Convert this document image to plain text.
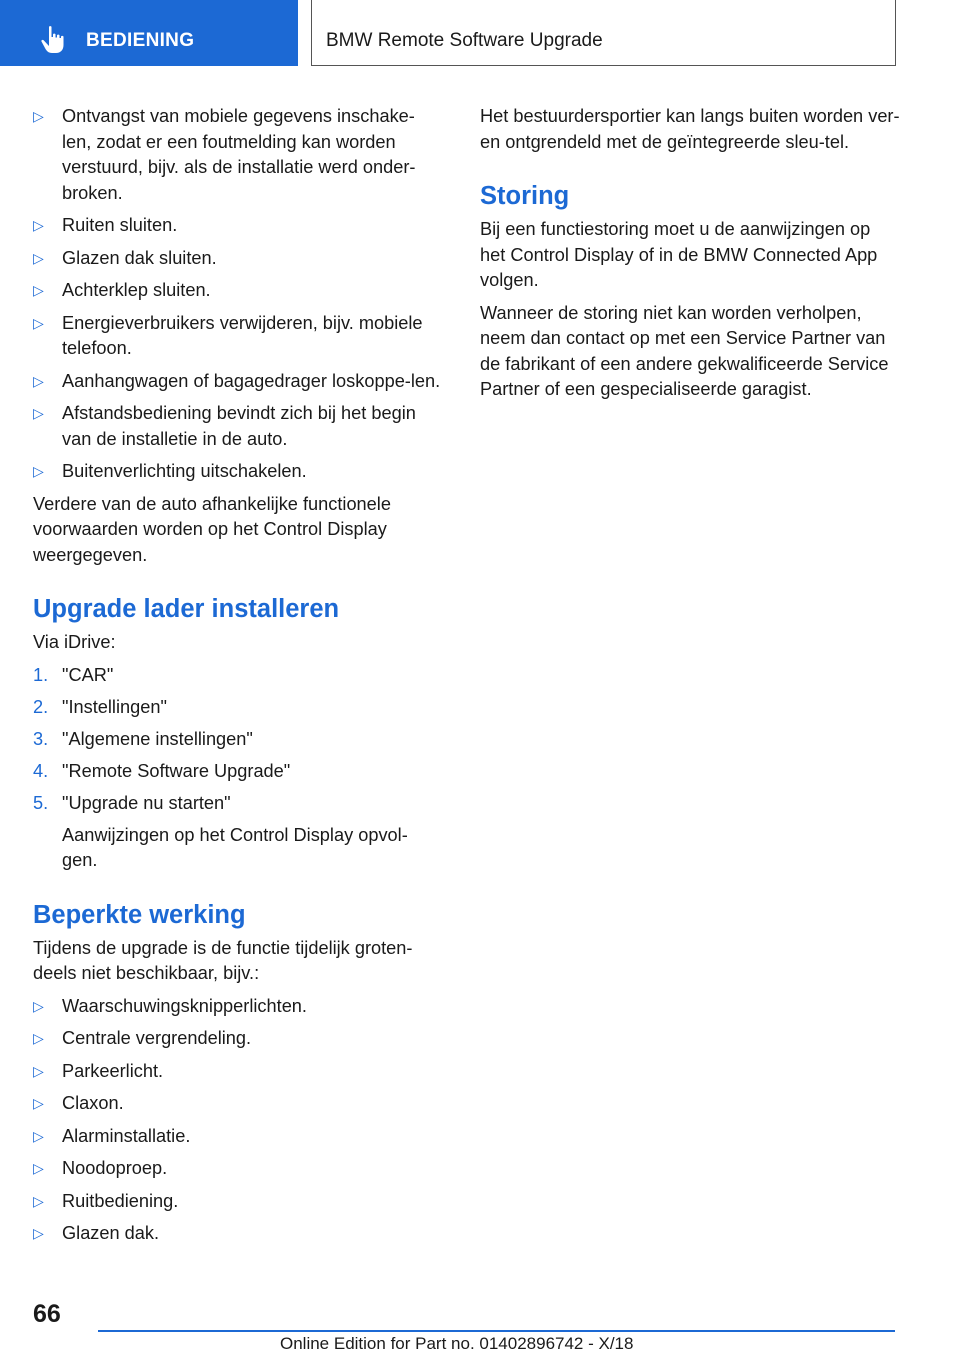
BEDIENING	BMW Remote Software Upgrade
▷ Ontvangst van mobiele gegevens inschake‐len, zodat er een foutmelding kan worden verstuurd, bijv. als de installatie werd onder‐broken.
▷ Ruiten sluiten.
▷ Glazen dak sluiten.
▷ Achterklep sluiten.
▷ Energieverbruikers verwijderen, bijv. mobiele telefoon.
▷ Aanhangwagen of bagagedrager loskoppe‐len.
▷ Afstandsbediening bevindt zich bij het begin van de installetie in de auto.
▷ Buitenverlichting uitschakelen.

Verdere van de auto afhankelijke functionele voorwaarden worden op het Control Display weergegeven.

Upgrade lader installeren

Via iDrive:

1. "CAR"
2. "Instellingen"
3. "Algemene instellingen"
4. "Remote Software Upgrade"
5. "Upgrade nu starten"

Aanwijzingen op het Control Display opvol‐gen.

Beperkte werking

Tijdens de upgrade is de functie tijdelijk groten‐deels niet beschikbaar, bijv.:

▷ Waarschuwingsknipperlichten.
▷ Centrale vergrendeling.
▷ Parkeerlicht.
▷ Claxon.
▷ Alarminstallatie.
▷ Noodoproep.
▷ Ruitbediening.
▷ Glazen dak.

Het bestuurdersportier kan langs buiten worden ver- en ontgrendeld met de geïntegreerde sleu‐tel.

Storing

Bij een functiestoring moet u de aanwijzingen op het Control Display of in de BMW Connected App volgen.

Wanneer de storing niet kan worden verholpen, neem dan contact op met een Service Partner van de fabrikant of een andere gekwalificeerde Service Partner of een gespecialiseerde garagist.

66
Online Edition for Part no. 01402896742 - X/18
